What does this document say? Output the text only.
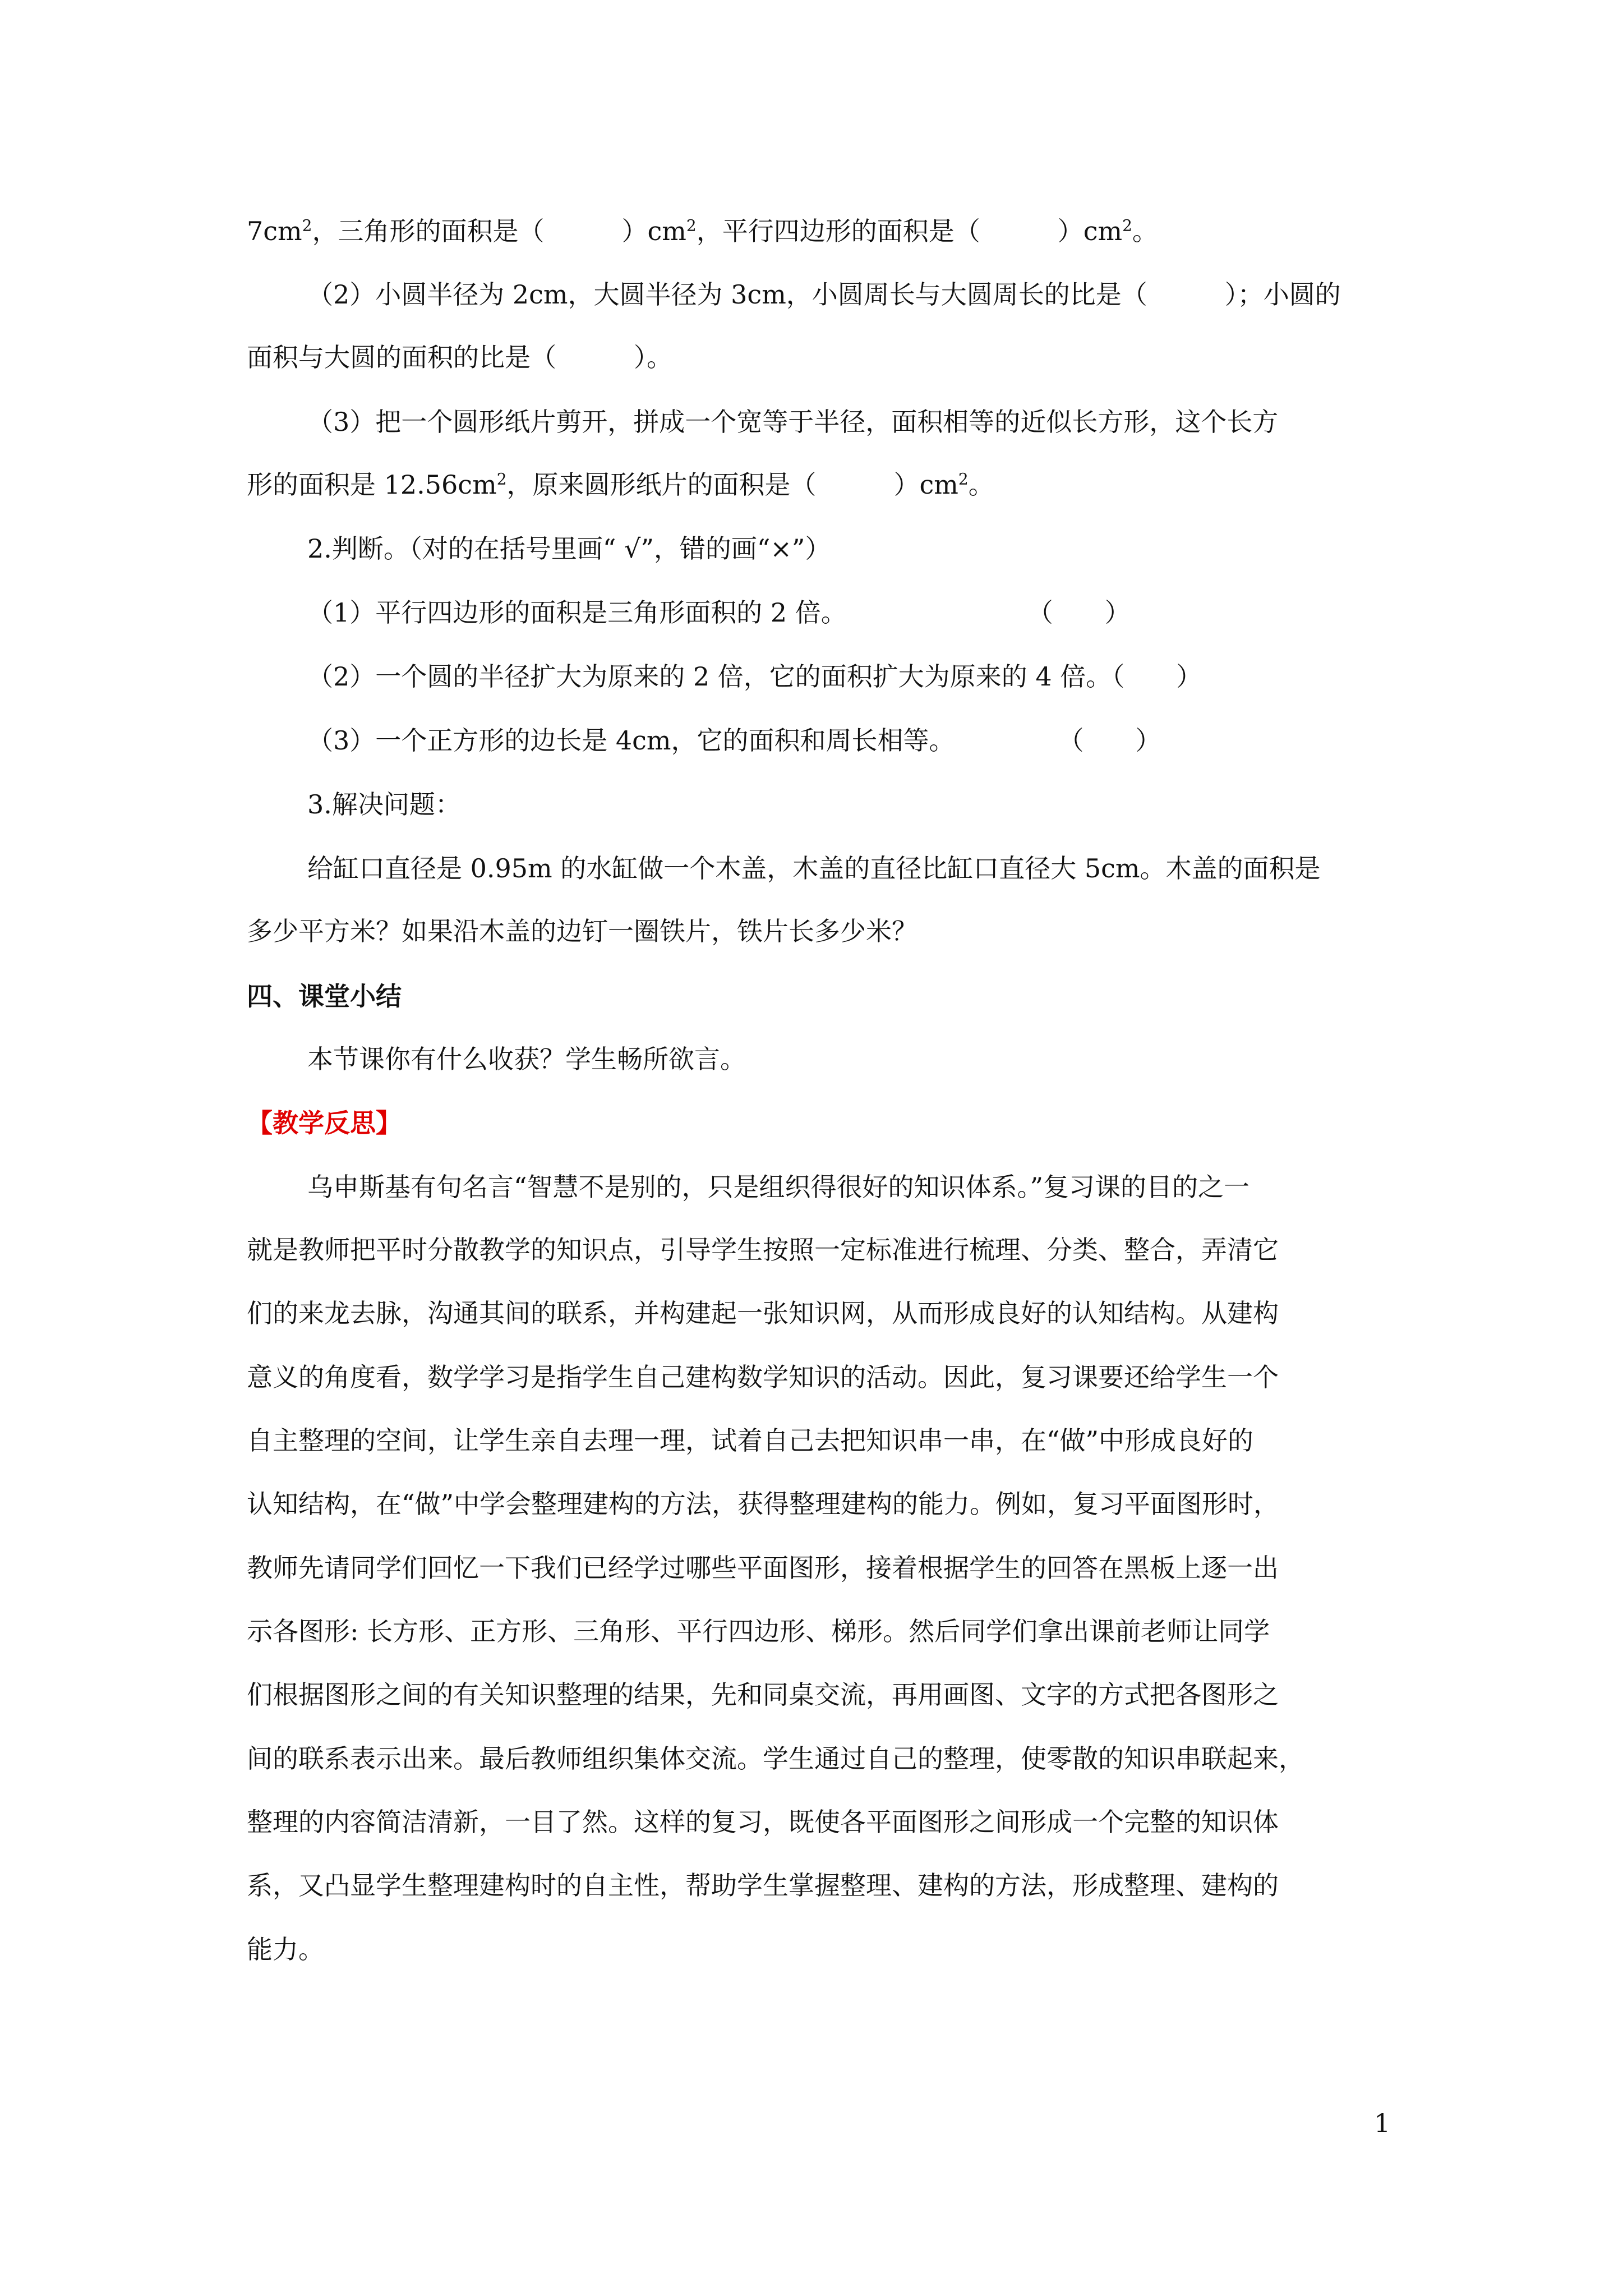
$7cm^2$，三角形的面积是（　　　）$cm^2$，平行四边形的面积是（　　　）$cm^2$。
（2）小圆半径为 2cm，大圆半径为 3cm，小圆周长与大圆周长的比是（　　　）；小圆的
面积与大圆的面积的比是（　　　）。
（3）把一个圆形纸片剪开，拼成一个宽等于半径，面积相等的近似长方形，这个长方
形的面积是 $12.56cm^2$，原来圆形纸片的面积是（　　　）$cm^2$。
2.判断。（对的在括号里画“ √”，错的画“×”）
（1）平行四边形的面积是三角形面积的 2 倍。　　　　　　　　（　　）
（2）一个圆的半径扩大为原来的 2 倍，它的面积扩大为原来的 4 倍。（　　）
（3）一个正方形的边长是 4cm，它的面积和周长相等。　　　　　（　　）
3.解决问题：
给缸口直径是 0.95m 的水缸做一个木盖，木盖的直径比缸口直径大 5cm。木盖的面积是
多少平方米？如果沿木盖的边钉一圈铁片，铁片长多少米？
四、课堂小结
本节课你有什么收获？学生畅所欲言。
【教学反思】
乌申斯基有句名言“智慧不是别的，只是组织得很好的知识体系。”复习课的目的之一
就是教师把平时分散教学的知识点，引导学生按照一定标准进行梳理、分类、整合，弄清它
们的来龙去脉，沟通其间的联系，并构建起一张知识网，从而形成良好的认知结构。从建构
意义的角度看，数学学习是指学生自己建构数学知识的活动。因此，复习课要还给学生一个
自主整理的空间，让学生亲自去理一理，试着自己去把知识串一串，在“做”中形成良好的
认知结构，在“做”中学会整理建构的方法，获得整理建构的能力。例如，复习平面图形时，
教师先请同学们回忆一下我们已经学过哪些平面图形，接着根据学生的回答在黑板上逐一出
示各图形: 长方形、正方形、三角形、平行四边形、梯形。然后同学们拿出课前老师让同学
们根据图形之间的有关知识整理的结果，先和同桌交流，再用画图、文字的方式把各图形之
间的联系表示出来。最后教师组织集体交流。学生通过自己的整理，使零散的知识串联起来，
整理的内容简洁清新，一目了然。这样的复习，既使各平面图形之间形成一个完整的知识体
系，又凸显学生整理建构时的自主性，帮助学生掌握整理、建构的方法，形成整理、建构的
能力。
1
